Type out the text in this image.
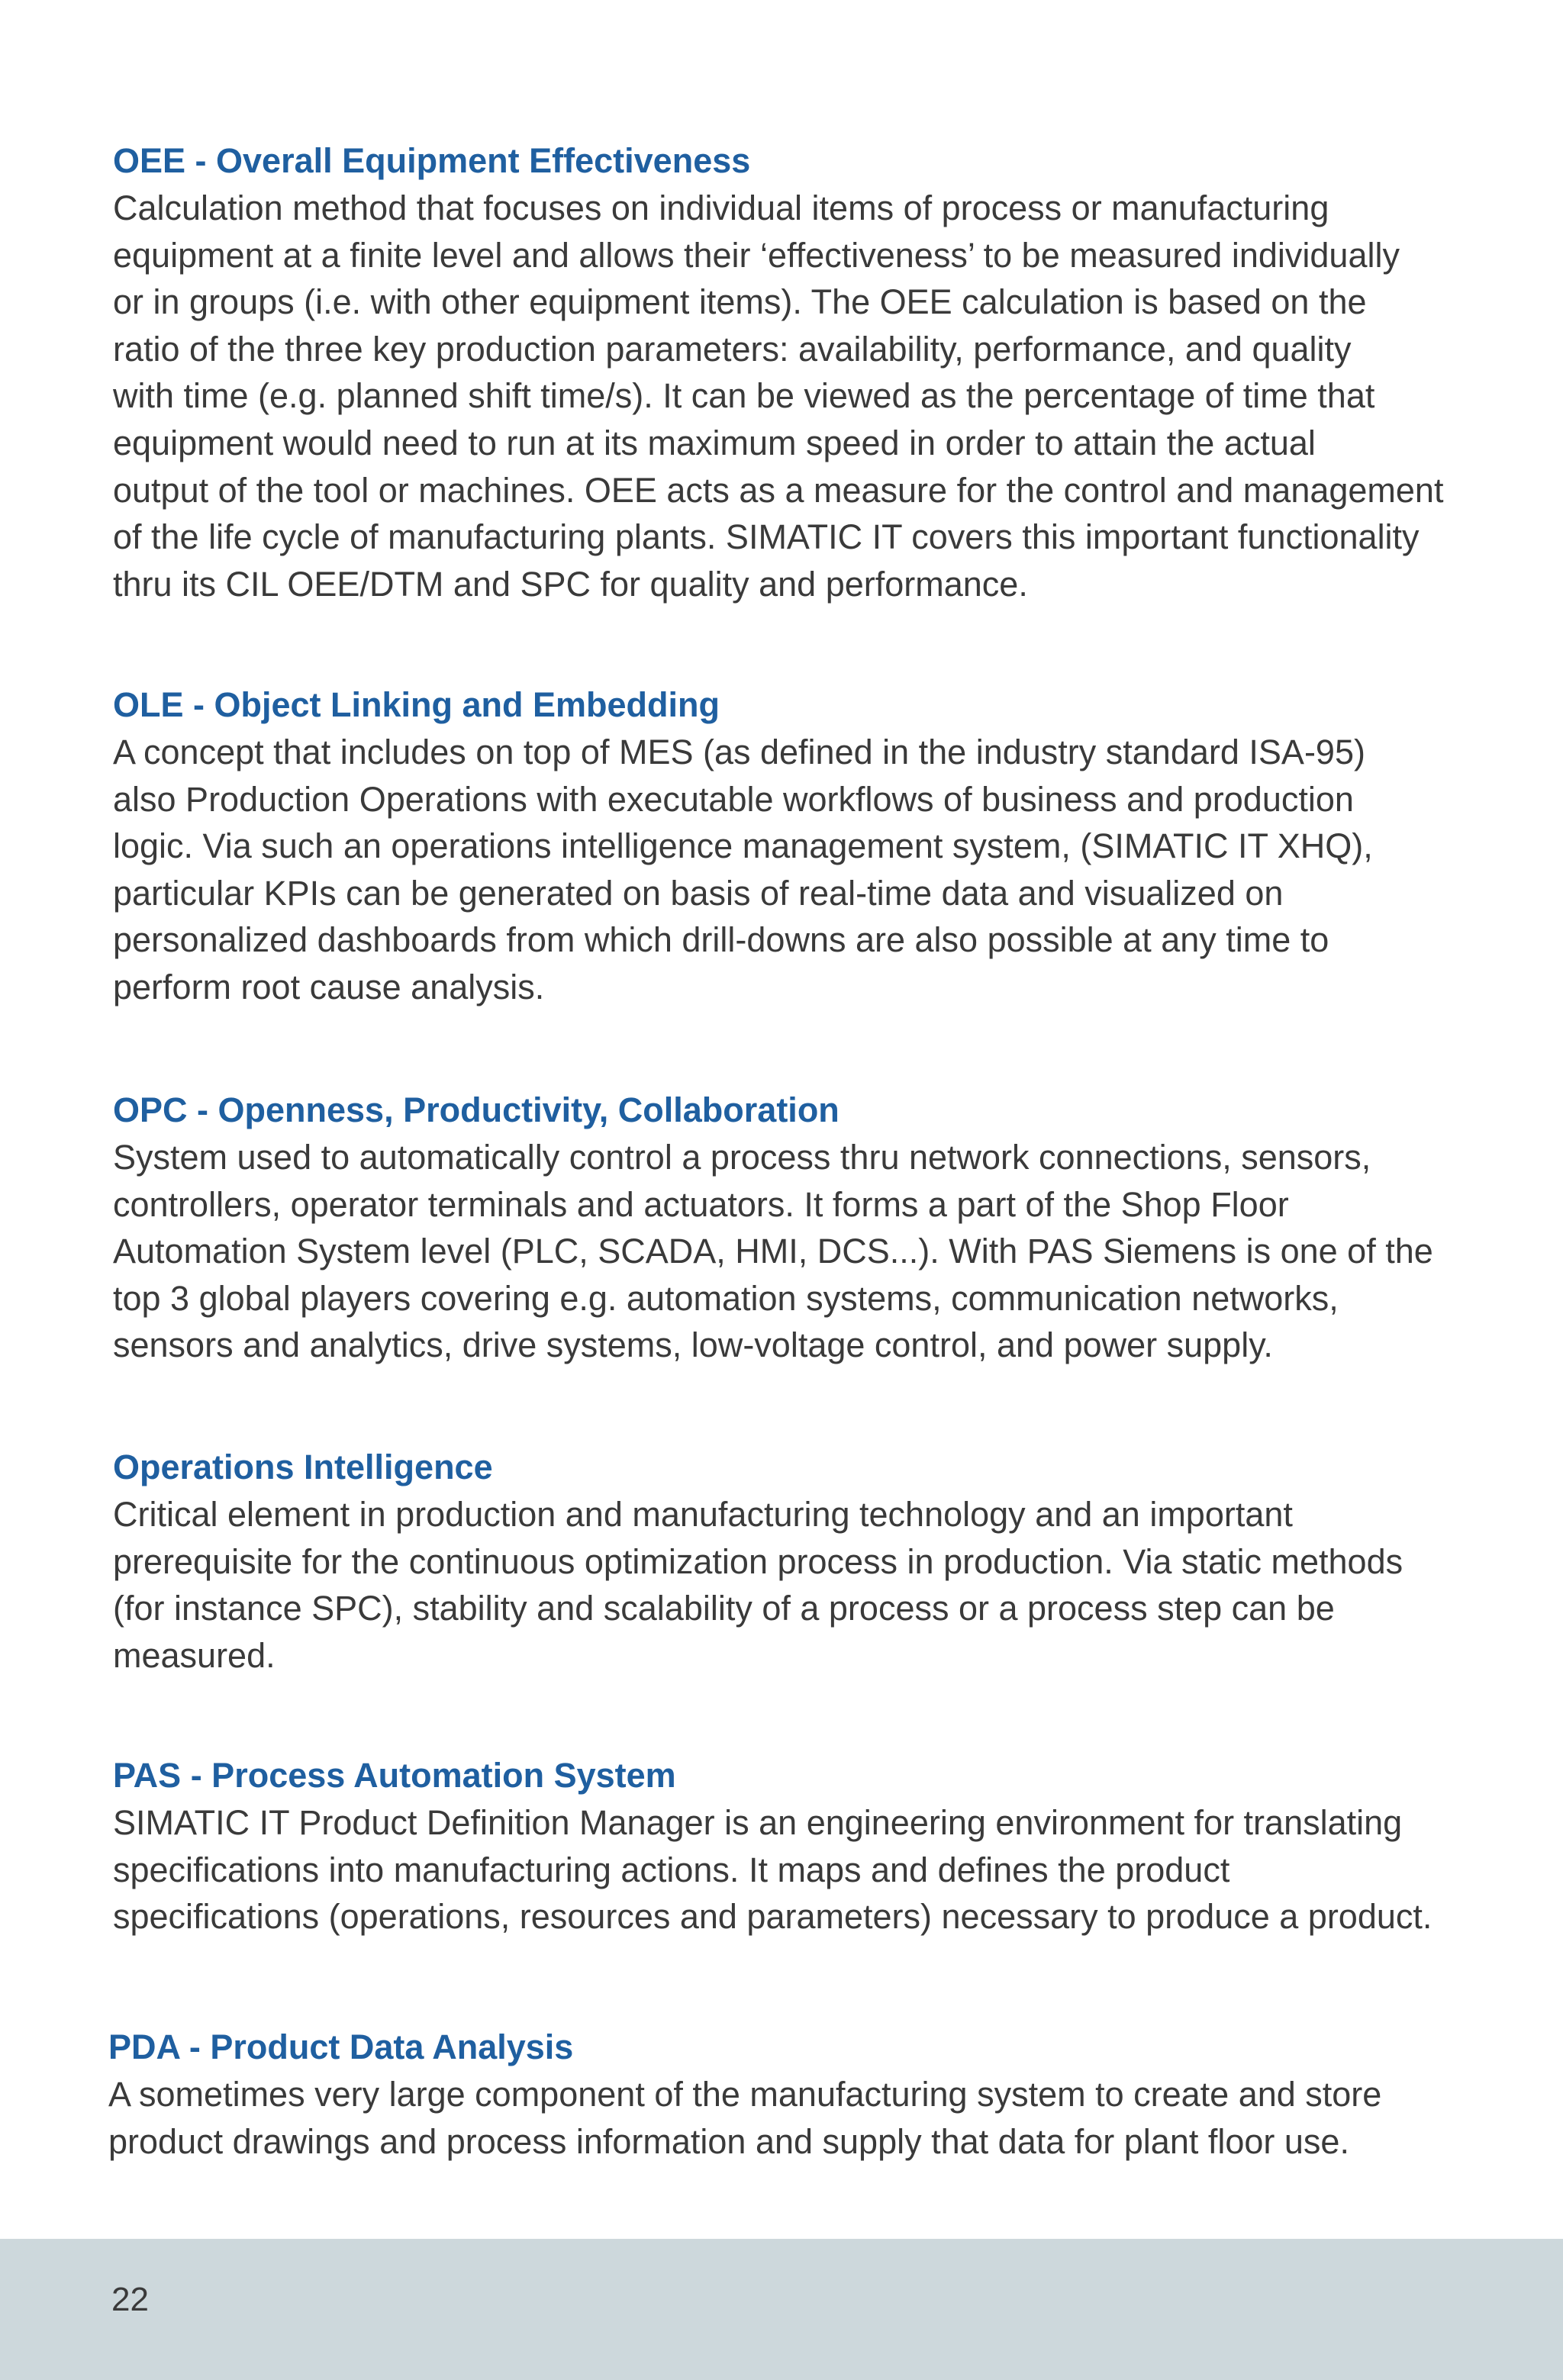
OEE - Overall Equipment Effectiveness

Calculation method that focuses on individual items of process or manufacturing
equipment at a finite level and allows their ‘effectiveness’ to be measured individually
or in groups (i.e. with other equipment items). The OEE calculation is based on the
ratio of the three key production parameters: availability, performance, and quality
with time (e.g. planned shift time/s). It can be viewed as the percentage of time that
equipment would need to run at its maximum speed in order to attain the actual
output of the tool or machines. OEE acts as a measure for the control and management
of the life cycle of manufacturing plants. SIMATIC IT covers this important functionality
thru its CIL OEE/DTM and SPC for quality and performance.

OLE - Object Linking and Embedding

A concept that includes on top of MES (as defined in the industry standard ISA-95)
also Production Operations with executable workflows of business and production
logic. Via such an operations intelligence management system, (SIMATIC IT XHQ),
particular KPIs can be generated on basis of real-time data and visualized on
personalized dashboards from which drill-downs are also possible at any time to
perform root cause analysis.

OPC - Openness, Productivity, Collaboration

System used to automatically control a process thru network connections, sensors,
controllers, operator terminals and actuators. It forms a part of the Shop Floor
Automation System level (PLC, SCADA, HMI, DCS...). With PAS Siemens is one of the
top 3 global players covering e.g. automation systems, communication networks,
sensors and analytics, drive systems, low-voltage control, and power supply.

Operations Intelligence

Critical element in production and manufacturing technology and an important
prerequisite for the continuous optimization process in production. Via static methods
(for instance SPC), stability and scalability of a process or a process step can be
measured.

PAS - Process Automation System

SIMATIC IT Product Definition Manager is an engineering environment for translating
specifications into manufacturing actions. It maps and defines the product
specifications (operations, resources and parameters) necessary to produce a product.

PDA - Product Data Analysis

A sometimes very large component of the manufacturing system to create and store
product drawings and process information and supply that data for plant floor use.

22
